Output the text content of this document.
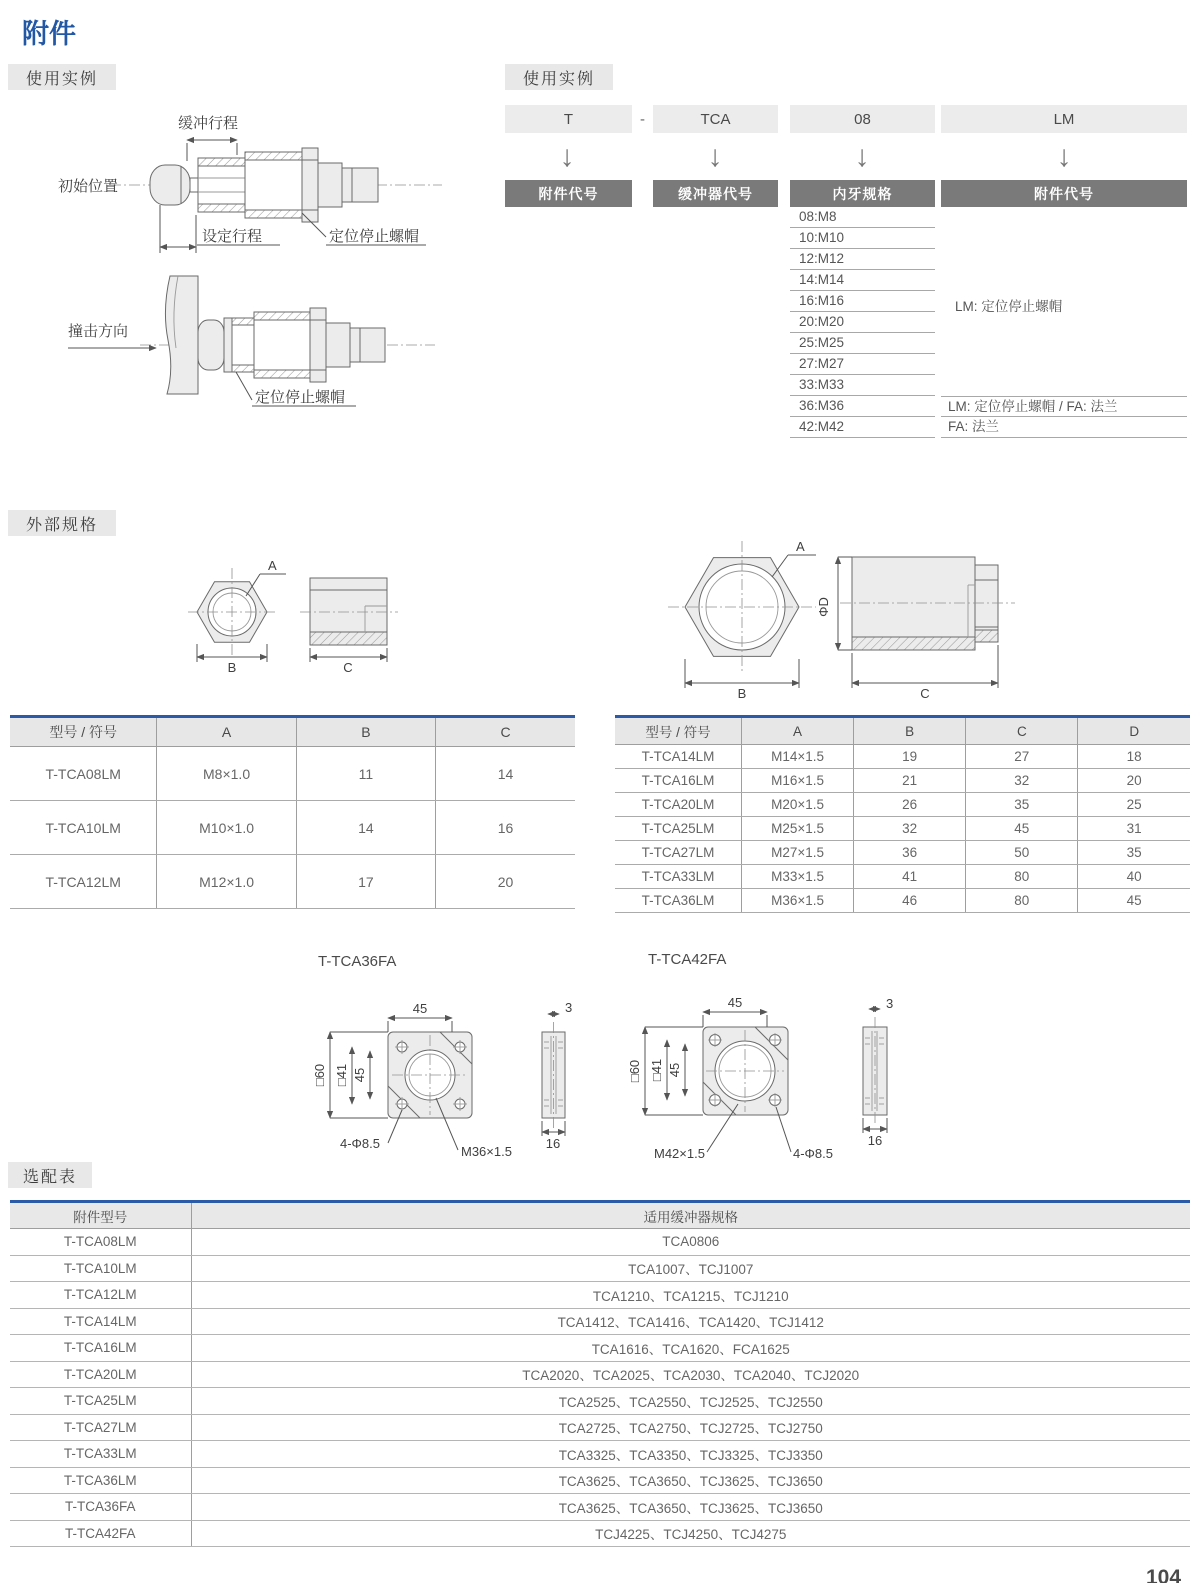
附件
使用实例	使用实例
外部规格
选配表
缓冲行程
设定行程	定位停止螺帽
初始位置
撞击方向
定位停止螺帽
T	-	TCA	08	LM
↓	↓	↓	↓
附件代号	缓冲器代号	内牙规格	附件代号
08:M8
10:M10
12:M12
14:M14
16:M16
20:M20
25:M25
27:M27
33:M33
36:M36
42:M42
LM: 定位停止螺帽
LM: 定位停止螺帽 / FA: 法兰
FA: 法兰
A
B	C
A
B
ΦD
C
型号 / 符号	A	B	C
T-TCA08LM	M8×1.0	11	14
T-TCA10LM	M10×1.0	14	16
T-TCA12LM	M12×1.0	17	20
型号 / 符号	A	B	C	D
T-TCA14LM	M14×1.5	19	27	18
T-TCA16LM	M16×1.5	21	32	20
T-TCA20LM	M20×1.5	26	35	25
T-TCA25LM	M25×1.5	32	45	31
T-TCA27LM	M27×1.5	36	50	35
T-TCA33LM	M33×1.5	41	80	40
T-TCA36LM	M36×1.5	46	80	45
T-TCA36FA	T-TCA42FA
45
□60 □41 45
4-Φ8.5
M36×1.5
3
16
45
□60 □41 45
M42×1.5	4-Φ8.5
3
16
附件型号	适用缓冲器规格
T-TCA08LM	TCA0806
T-TCA10LM	TCA1007、TCJ1007
T-TCA12LM	TCA1210、TCA1215、TCJ1210
T-TCA14LM	TCA1412、TCA1416、TCA1420、TCJ1412
T-TCA16LM	TCA1616、TCA1620、FCA1625
T-TCA20LM	TCA2020、TCA2025、TCA2030、TCA2040、TCJ2020
T-TCA25LM	TCA2525、TCA2550、TCJ2525、TCJ2550
T-TCA27LM	TCA2725、TCA2750、TCJ2725、TCJ2750
T-TCA33LM	TCA3325、TCA3350、TCJ3325、TCJ3350
T-TCA36LM	TCA3625、TCA3650、TCJ3625、TCJ3650
T-TCA36FA	TCA3625、TCA3650、TCJ3625、TCJ3650
T-TCA42FA	TCJ4225、TCJ4250、TCJ4275
104
